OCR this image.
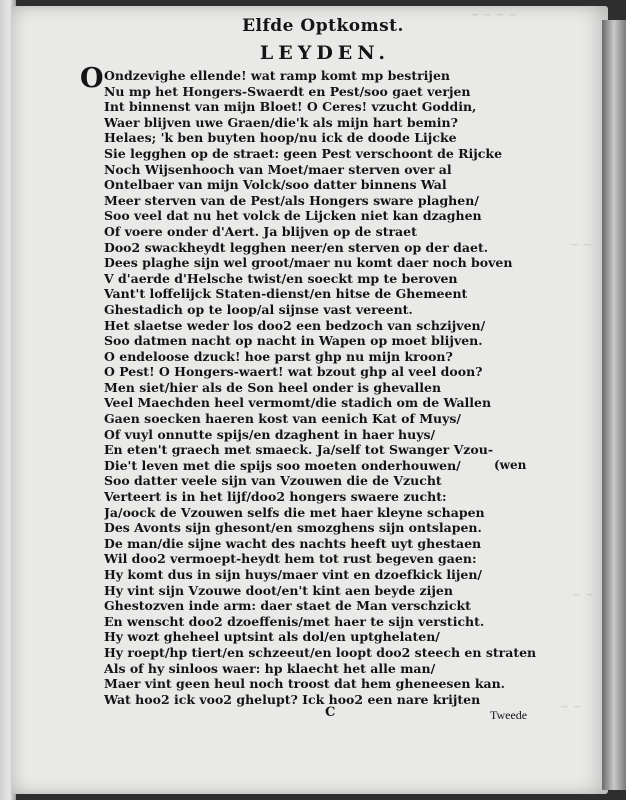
~ ~ ~ ~
~ ~
~ ~
~ ~
Elfde Optkomst.
LEYDEN.
O Ondzevighe ellende! wat ramp komt mp bestrijen
Nu mp het Hongers-Swaerdt en Pest/soo gaet verjen
Int binnenst van mijn Bloet! O Ceres! vzucht Goddin,
Waer blijven uwe Graen/die'k als mijn hart bemin?
Helaes; 'k ben buyten hoop/nu ick de doode Lijcke
Sie legghen op de straet: geen Pest verschoont de Rijcke
Noch Wijsenhooch van Moet/maer sterven over al
Ontelbaer van mijn Volck/soo datter binnens Wal
Meer sterven van de Pest/als Hongers sware plaghen/
Soo veel dat nu het volck de Lijcken niet kan dzaghen
Of voere onder d'Aert. Ja blijven op de straet
Doo2 swackheydt legghen neer/en sterven op der daet.
Dees plaghe sijn wel groot/maer nu komt daer noch boven
V d'aerde d'Helsche twist/en soeckt mp te beroven
Vant't loffelijck Staten-dienst/en hitse de Ghemeent
Ghestadich op te loop/al sijnse vast vereent.
Het slaetse weder los doo2 een bedzoch van schzijven/
Soo datmen nacht op nacht in Wapen op moet blijven.
O endeloose dzuck! hoe parst ghp nu mijn kroon?
O Pest! O Hongers-waert! wat bzout ghp al veel doon?
Men siet/hier als de Son heel onder is ghevallen
Veel Maechden heel vermomt/die stadich om de Wallen
Gaen soecken haeren kost van eenich Kat of Muys/
Of vuyl onnutte spijs/en dzaghent in haer huys/
En eten't graech met smaeck. Ja/self tot Swanger Vzou-
Die't leven met die spijs soo moeten onderhouwen/
Soo datter veele sijn van Vzouwen die de Vzucht
Verteert is in het lijf/doo2 hongers swaere zucht:
Ja/oock de Vzouwen selfs die met haer kleyne schapen
Des Avonts sijn ghesont/en smozghens sijn ontslapen.
De man/die sijne wacht des nachts heeft uyt ghestaen
Wil doo2 vermoept-heydt hem tot rust begeven gaen:
Hy komt dus in sijn huys/maer vint en dzoefkick lijen/
Hy vint sijn Vzouwe doot/en't kint aen beyde zijen
Ghestozven inde arm: daer staet de Man verschzickt
En wenscht doo2 dzoeffenis/met haer te sijn versticht.
Hy wozt gheheel uptsint als dol/en uptghelaten/
Hy roept/hp tiert/en schzeeut/en loopt doo2 steech en straten
Als of hy sinloos waer: hp klaecht het alle man/
Maer vint geen heul noch troost dat hem gheneesen kan.
Wat hoo2 ick voo2 ghelupt? Ick hoo2 een nare krijten
(wen
C	Tweede
